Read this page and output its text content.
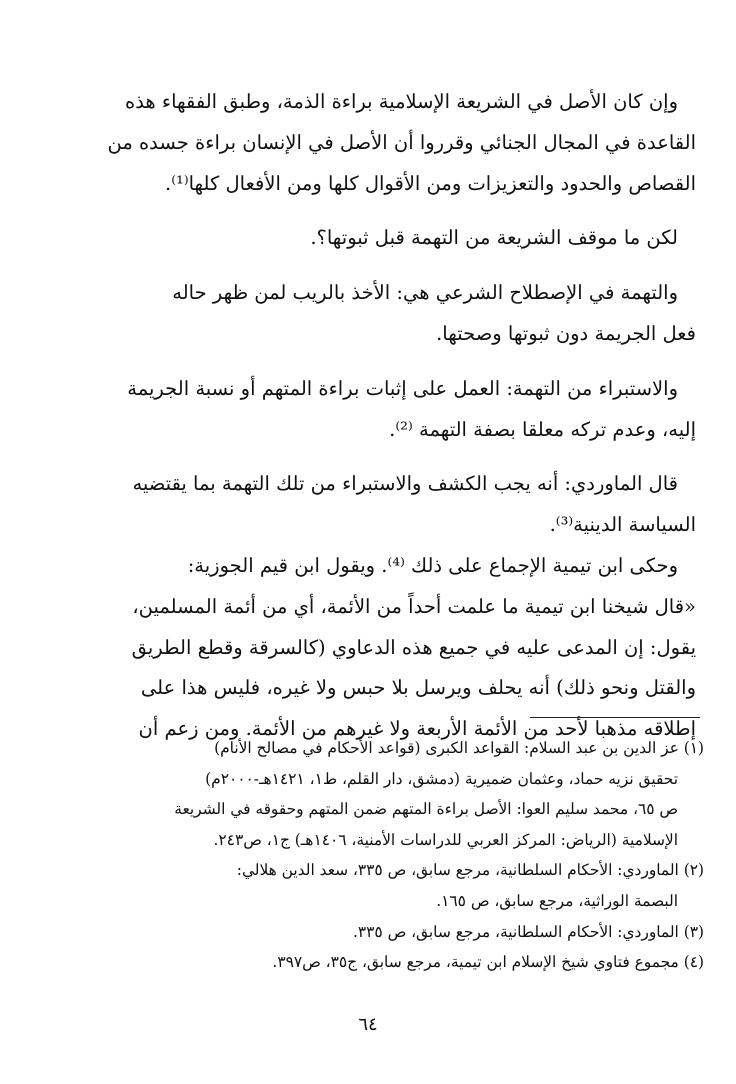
وإن كان الأصل في الشريعة الإسلامية براءة الذمة، وطبق الفقهاء هذه

القاعدة في المجال الجنائي وقرروا أن الأصل في الإنسان براءة جسده من

القصاص والحدود والتعزيزات ومن الأقوال كلها ومن الأفعال كلها⁽¹⁾.

لكن ما موقف الشريعة من التهمة قبل ثبوتها؟.

والتهمة في الإصطلاح الشرعي هي: الأخذ بالريب لمن ظهر حاله

فعل الجريمة دون ثبوتها وصحتها.

والاستبراء من التهمة: العمل على إثبات براءة المتهم أو نسبة الجريمة

إليه، وعدم تركه معلقا بصفة التهمة ⁽²⁾.

قال الماوردي: أنه يجب الكشف والاستبراء من تلك التهمة بما يقتضيه

السياسة الدينية⁽³⁾.

وحكى ابن تيمية الإجماع على ذلك ⁽⁴⁾. ويقول ابن قيم الجوزية:

«قال شيخنا ابن تيمية ما علمت أحداً من الأئمة، أي من أئمة المسلمين،

يقول: إن المدعى عليه في جميع هذه الدعاوي (كالسرقة وقطع الطريق

والقتل ونحو ذلك) أنه يحلف ويرسل بلا حبس ولا غيره، فليس هذا على

إطلاقه مذهبا لأحد من الأئمة الأربعة ولا غيرهم من الأئمة. ومن زعم أن

(١) عز الدين بن عبد السلام: القواعد الكبرى (قواعد الأحكام في مصالح الأنام)

تحقيق نزيه حماد، وعثمان ضميرية (دمشق، دار القلم، ط١، ١٤٢١هـ-٢٠٠٠م)

ص ٦٥، محمد سليم العوا: الأصل براءة المتهم ضمن المتهم وحقوقه في الشريعة

الإسلامية (الرياض: المركز العربي للدراسات الأمنية، ١٤٠٦هـ) ج١، ص٢٤٣.

(٢) الماوردي: الأحكام السلطانية، مرجع سابق، ص ٣٣٥، سعد الدين هلالي:

البصمة الوراثية، مرجع سابق، ص ١٦٥.

(٣) الماوردي: الأحكام السلطانية، مرجع سابق، ص ٣٣٥.

(٤) مجموع فتاوي شيخ الإسلام ابن تيمية، مرجع سابق، ج٣٥، ص٣٩٧.

٦٤
